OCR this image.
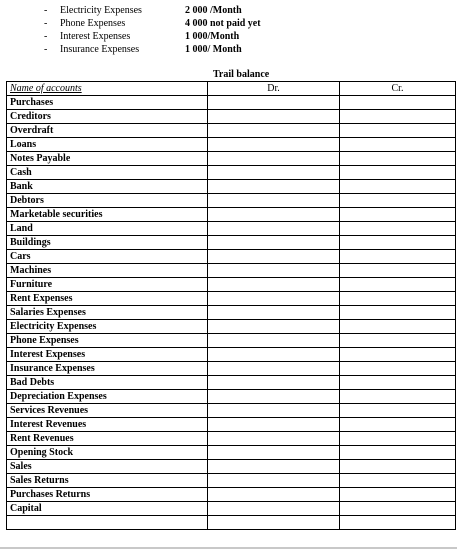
-	Electricity Expenses	2 000 /Month
-	Phone Expenses	4 000 not paid yet
-	Interest Expenses	1 000/Month
-	Insurance Expenses	1 000/ Month
Trail balance
Name of accounts	Dr.	Cr.
Purchases		
Creditors		
Overdraft		
Loans		
Notes Payable		
Cash		
Bank		
Debtors		
Marketable securities		
Land		
Buildings		
Cars		
Machines		
Furniture		
Rent Expenses		
Salaries Expenses		
Electricity Expenses		
Phone Expenses		
Interest Expenses		
Insurance Expenses		
Bad Debts		
Depreciation Expenses		
Services Revenues		
Interest Revenues		
Rent Revenues		
Opening Stock		
Sales		
Sales Returns		
Purchases Returns		
Capital		
